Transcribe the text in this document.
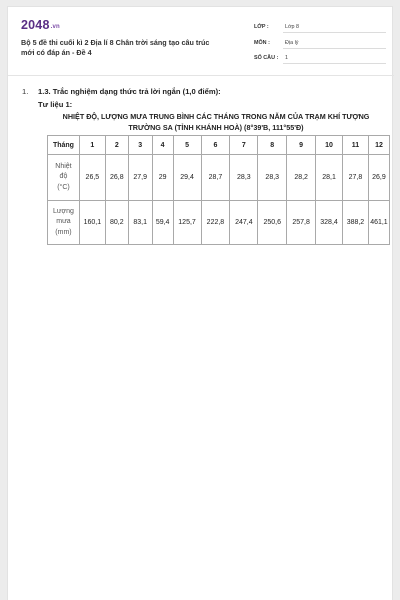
2048.vn
Bộ 5 đề thi cuối kì 2 Địa lí 8 Chân trời sáng tạo câu trúc
mới có đáp án - Đề 4
LỚP :	Lớp 8
MÔN :	Địa lý
SỐ CÂU : 1
1. 1.3. Trắc nghiệm dạng thức trả lời ngắn (1,0 điểm):
Tư liệu 1:
NHIỆT ĐỘ, LƯỢNG MƯA TRUNG BÌNH CÁC THÁNG TRONG NĂM CỦA TRẠM KHÍ TƯỢNG
TRƯỜNG SA (TỈNH KHÁNH HOÀ) (8°39'B, 111°55'Đ)
Tháng	1	2	3	4	5	6	7	8	9	10	11	12

Nhiệt
độ
(°C)	26,5	26,8	27,9	29	29,4	28,7	28,3	28,3	28,2	28,1	27,8	26,9

Lượng
mưa
(mm)	160,1	80,2	83,1	59,4	125,7	222,8	247,4	250,6	257,8	328,4	388,2	461,1
